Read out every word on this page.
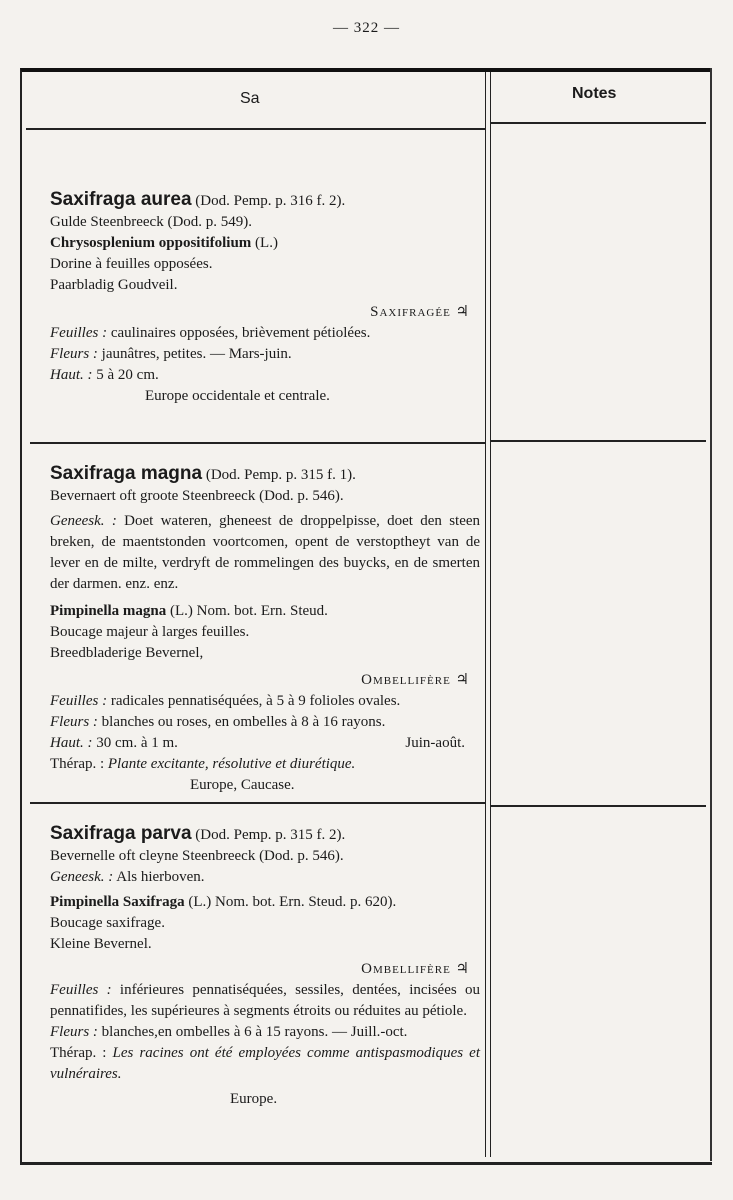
— 322 —
Sa	Notes
Saxifraga aurea (Dod. Pemp. p. 316 f. 2).
Gulde Steenbreeck (Dod. p. 549).
Chrysosplenium oppositifolium (L.)
Dorine à feuilles opposées.
Paarbladig Goudveil.
Saxifragée ♃
Feuilles : caulinaires opposées, brièvement pétiolées.
Fleurs : jaunâtres, petites. — Mars-juin.
Haut. : 5 à 20 cm.
Europe occidentale et centrale.
Saxifraga magna (Dod. Pemp. p. 315 f. 1).
Bevernaert oft groote Steenbreeck (Dod. p. 546).
Geneesk. : Doet wateren, gheneest de droppelpisse, doet den steen breken, de maentstonden voortcomen, opent de verstoptheyt van de lever en de milte, verdryft de rommelingen des buycks, en de smerten der darmen. enz. enz.
Pimpinella magna (L.) Nom. bot. Ern. Steud.
Boucage majeur à larges feuilles.
Breedbladerige Bevernel,
Ombellifère ♃
Feuilles : radicales pennatiséquées, à 5 à 9 folioles ovales.
Fleurs : blanches ou roses, en ombelles à 8 à 16 rayons.
Haut. : 30 cm. à 1 m.	Juin-août.
Thérap. : Plante excitante, résolutive et diurétique.
Europe, Caucase.
Saxifraga parva (Dod. Pemp. p. 315 f. 2).
Bevernelle oft cleyne Steenbreeck (Dod. p. 546).
Geneesk. : Als hierboven.
Pimpinella Saxifraga (L.) Nom. bot. Ern. Steud. p. 620).
Boucage saxifrage.
Kleine Bevernel.
Ombellifère ♃
Feuilles : inférieures pennatiséquées, sessiles, dentées, incisées ou pennatifides, les supérieures à segments étroits ou réduites au pétiole.
Fleurs : blanches,en ombelles à 6 à 15 rayons. — Juill.-oct.
Thérap. : Les racines ont été employées comme antispasmodiques et vulnéraires.
Europe.
